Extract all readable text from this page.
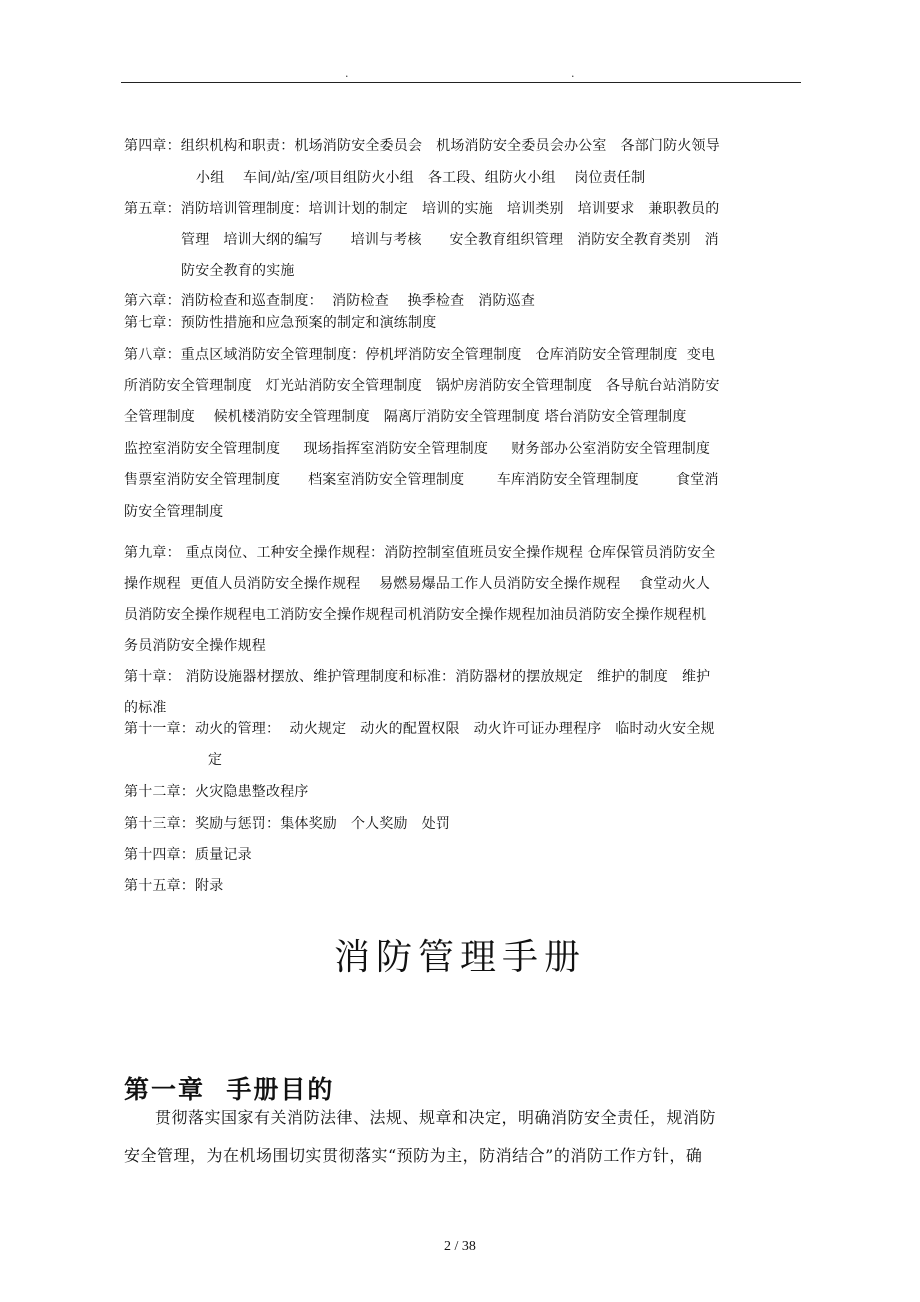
.	.
第四章：组织机构和职责：机场消防安全委员会   机场消防安全委员会办公室   各部门防火领导
小组    车间/站/室/项目组防火小组   各工段、组防火小组    岗位责任制
第五章：消防培训管理制度：培训计划的制定   培训的实施   培训类别   培训要求   兼职教员的
管理   培训大纲的编写      培训与考核      安全教育组织管理   消防安全教育类别   消
防安全教育的实施
第六章：消防检查和巡查制度：  消防检查    换季检查   消防巡查
第七章：预防性措施和应急预案的制定和演练制度
第八章：重点区域消防安全管理制度：停机坪消防安全管理制度   仓库消防安全管理制度  变电
所消防安全管理制度   灯光站消防安全管理制度   锅炉房消防安全管理制度   各导航台站消防安
全管理制度    候机楼消防安全管理制度   隔离厅消防安全管理制度 塔台消防安全管理制度
监控室消防安全管理制度     现场指挥室消防安全管理制度     财务部办公室消防安全管理制度
售票室消防安全管理制度      档案室消防安全管理制度       车库消防安全管理制度        食堂消
防安全管理制度
第九章： 重点岗位、工种安全操作规程：消防控制室值班员安全操作规程 仓库保管员消防安全
操作规程  更值人员消防安全操作规程    易燃易爆品工作人员消防安全操作规程    食堂动火人
员消防安全操作规程电工消防安全操作规程司机消防安全操作规程加油员消防安全操作规程机
务员消防安全操作规程
第十章： 消防设施器材摆放、维护管理制度和标准：消防器材的摆放规定   维护的制度   维护
的标准
第十一章：动火的管理：  动火规定   动火的配置权限   动火许可证办理程序   临时动火安全规
定
第十二章：火灾隐患整改程序
第十三章：奖励与惩罚：集体奖励   个人奖励   处罚
第十四章：质量记录
第十五章：附录
消防管理手册
第一章  手册目的
贯彻落实国家有关消防法律、法规、规章和决定，明确消防安全责任，规消防
安全管理，为在机场围切实贯彻落实“预防为主，防消结合”的消防工作方针，确
2 / 38
